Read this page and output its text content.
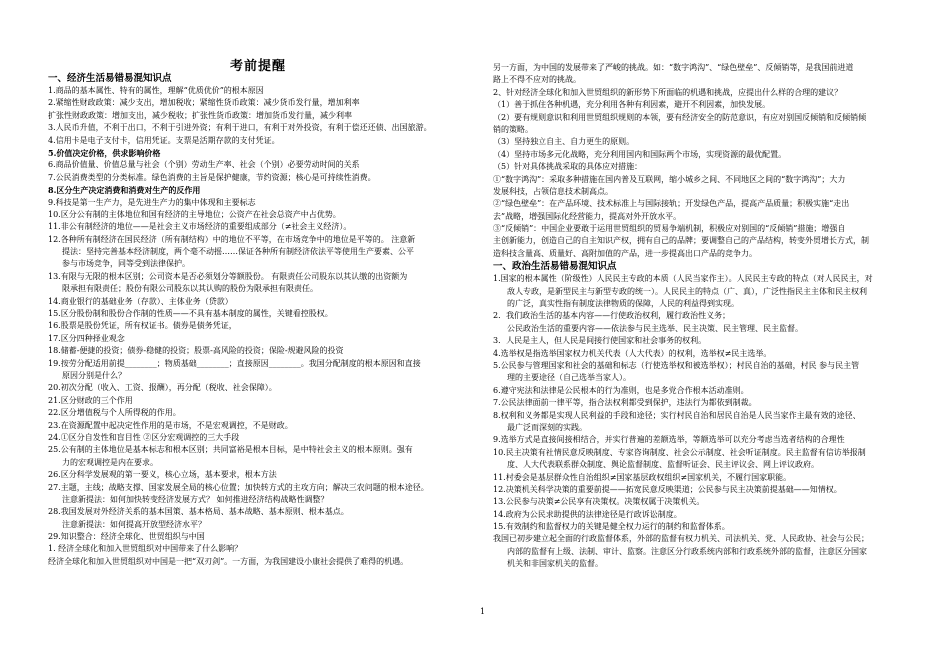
考前提醒
一、经济生活易错易混知识点
1.商品的基本属性、特有的属性，理解“优质优价”的根本原因
2.紧缩性财政政策：减少支出，增加税收；紧缩性货币政策：减少货币发行量，增加利率
扩张性财政政策：增加支出，减少税收；扩张性货币政策：增加货币发行量，减少利率
3.人民币升值，不利于出口，不利于引进外资；有利于进口，有利于对外投资，有利于偿还还债、出国旅游。
4.信用卡是电子支付卡，信用凭证。支票是活期存款的支付凭证。
5.价值决定价格，供求影响价格
6.商品价值量、价值总量与社会（个别）劳动生产率、社会（个别）必要劳动时间的关系
7.公民消费类型的分类标准。绿色消费的主旨是保护健康，节约资源；核心是可持续性消费。
8.区分生产决定消费和消费对生产的反作用
9.科技是第一生产力，是先进生产力的集中体现和主要标志
10.区分公有制的主体地位和国有经济的主导地位；公资产在社会总资产中占优势。
11.非公有制经济的地位——是社会主义市场经济的重要组成部分（≠社会主义经济）。
12.各种所有制经济在国民经济（所有制结构）中的地位不平等，在市场竞争中的地位是平等的。 注意新
提法：坚持完善基本经济制度，两个毫不动摇……保证各种所有制经济依法平等使用生产要素、公平
参与市场竞争，同等受到法律保护。
13.有限与无限的根本区别；公司资本是否必须划分等额股份。 有限责任公司股东以其认缴的出资额为
限承担有限责任；股份有限公司股东以其认购的股份为限承担有限责任。
14.商业银行的基础业务（存款）、主体业务（贷款）
15.区分股份制和股份合作制的性质——不具有基本制度的属性，关键看控股权。
16.股票是股份凭证，所有权证书。债券是债务凭证，
17.区分四种择业观念
18.储蓄-便捷的投资；债券-稳健的投资；股票-高风险的投资；保险-规避风险的投资
19.按劳分配适用前提________；物质基础________；直接原因________。我国分配制度的根本原因和直接
原因分别是什么？
20.初次分配（收入、工资、报酬），再分配（税收、社会保障）。
21.区分财政的三个作用
22.区分增值税与个人所得税的作用。
23.在资源配置中起决定性作用的是市场，不是宏观调控，不是财政。
24.①区分自发性和盲目性 ②区分宏观调控的三大手段
25.公有制的主体地位是基本标志和根本区别；共同富裕是根本目标，是中特社会主义的根本原则。强有
力的宏观调控是内在要求。
26.区分科学发展观的第一要义，核心立场，基本要求，根本方法
27.主题，主线；战略支撑、国家发展全局的核心位置；加快转方式的主攻方向；解决三农问题的根本途径。
注意新提法：如何加快转变经济发展方式？ 如何推进经济结构战略性调整？
28.我国发展对外经济关系的基本国策、基本格局、基本战略、基本原则、根本基点。
注意新提法：如何提高开放型经济水平？
29.知识整合：经济全球化、世贸组织与中国
1. 经济全球化和加入世贸组织对中国带来了什么影响？
经济全球化和加入世贸组织对中国是一把“双刃剑”。一方面，为我国建设小康社会提供了难得的机遇。
另一方面，为中国的发展带来了严峻的挑战。如：“数字鸿沟”、“绿色壁垒”、反倾销等，是我国前进道
路上不得不应对的挑战。
2、针对经济全球化和加入世贸组织的新形势下所面临的机遇和挑战，应提出什么样的合理的建议？
（1）善于抓住各种机遇，充分利用各种有利因素，避开不利因素，加快发展。
（2）要有规则意识和利用世贸组织规则的本领，要有经济安全的防范意识，有应对别国反倾销和反倾销倾
销的策略。
（3）坚持独立自主、自力更生的原则。
（4）坚持市场多元化战略，充分利用国内和国际两个市场，实现资源的最优配置。
（5）针对具体挑战采取的具体应对措施：
①“数字鸿沟”：采取多种措施在国内普及互联网，缩小城乡之间、不同地区之间的“数字鸿沟”；大力
发展科技，占领信息技术制高点。
②“绿色壁垒”：在产品环境、技术标准上与国际接轨；开发绿色产品，提高产品质量；积极实施“走出
去”战略，增强国际化经营能力，提高对外开放水平。
③“反倾销”：中国企业要敢于运用世贸组织的贸易争端机制，积极应对别国的“反倾销”措施；增强自
主创新能力，创造自己的自主知识产权，拥有自己的品牌；要调整自己的产品结构，转变外贸增长方式，制
造科技含量高、质量好、高附加值的产品，进一步提高出口产品的竞争力。
一、政治生活易错易混知识点
1.国家的根本属性（阶级性）人民民主专政的本质（人民当家作主）。人民民主专政的特点（对人民民主，对
敌人专政，是新型民主与新型专政的统一）。人民民主的特点（广、真），广泛性指民主主体和民主权利
的广泛，真实性指有制度法律物质的保障，人民的利益得到实现。
2．我们政治生活的基本内容——行使政治权利，履行政治性义务；
公民政治生活的重要内容——依法参与民主选举、民主决策、民主管理、民主监督。
3．人民是主人，但人民是间接行使国家和社会事务的权利。
4.选举权是指选举国家权力机关代表（人大代表）的权利，选举权≠民主选举。
5.公民参与管理国家和社会的基础和标志（行使选举权和被选举权）；村民自治的基础，村民 参与民主管
理的主要途径（自己选举当家人）。
6.遵守宪法和法律是公民根本的行为准则，也是多党合作根本活动准则。
7.公民法律面前一律平等，指合法权利都受到保护，违法行为都依到制裁。
8.权利和义务都是实现人民利益的手段和途径；实行村民自治和居民自治是人民当家作主最有效的途径、
最广泛而深刻的实践。
9.选举方式是直接间接相结合，并实行普遍的差额选举，等额选举可以充分考虑当选者结构的合理性
10.民主决策有社情民意反映制度、专家咨询制度、社会公示制度、社会听证制度。民主监督有信访举报制
度、人大代表联系群众制度、舆论监督制度、监督听证会、民主评议会、网上评议政府。
11.村委会是基层群众性自治组织≠国家基层政权组织≠国家机关，不履行国家职能。
12.决策机关科学决策的重要前提——拓宽民意反映渠道；公民参与民主决策前提基础——知情权。
13.公民参与决策≠公民享有决策权。决策权属于决策机关。
14.政府为公民求助提供的法律途径是行政诉讼制度。
15.有效制约和监督权力的关键是健全权力运行的制约和监督体系。
我国已初步建立起全面的行政监督体系，外部的监督有权力机关、司法机关、党、人民政协、社会与公民；
内部的监督有上级、法制、审计、监察。注意区分行政系统内部和行政系统外部的监督，注意区分国家
机关和非国家机关的监督。
1
